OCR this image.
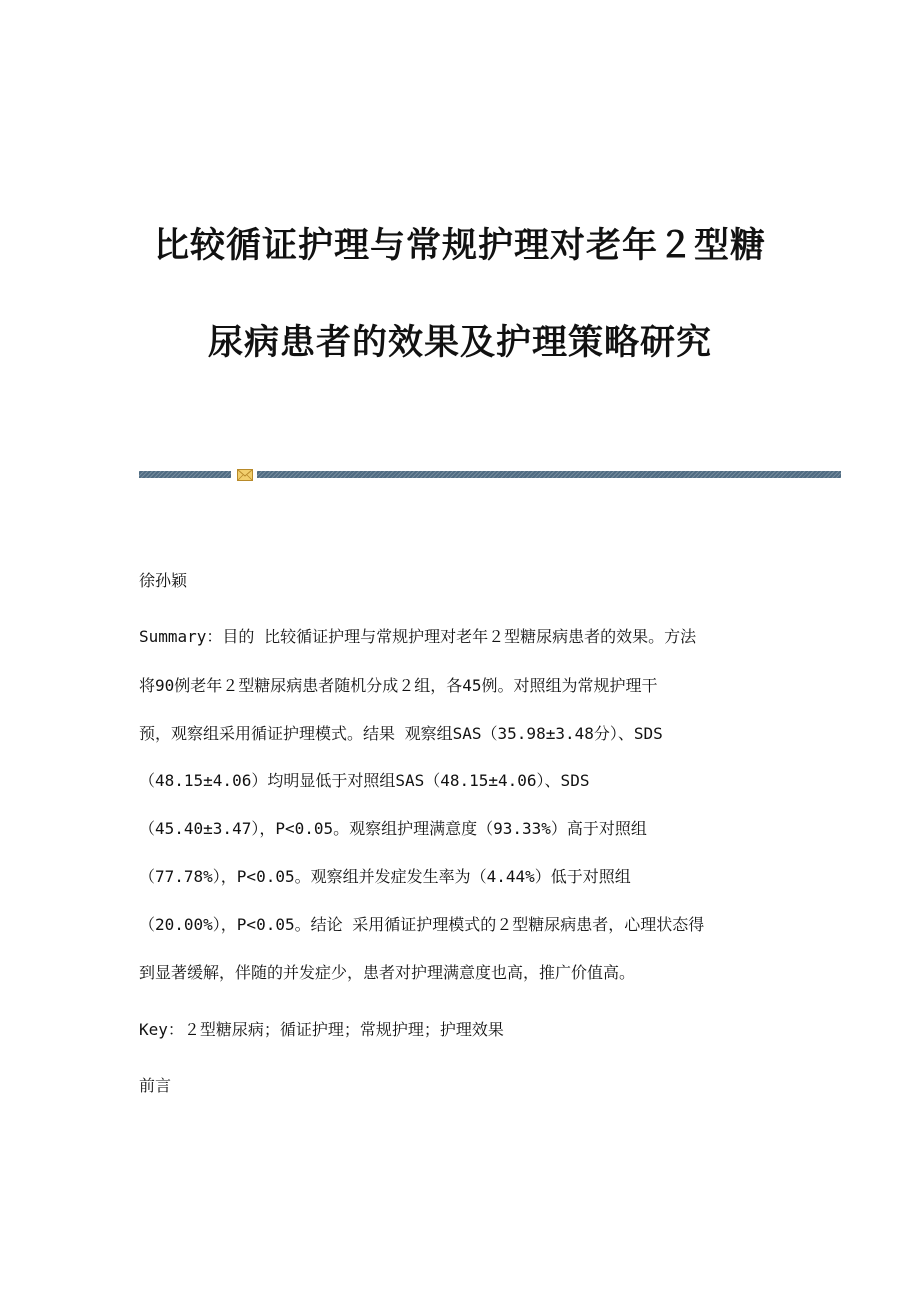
比较循证护理与常规护理对老年２型糖
尿病患者的效果及护理策略研究
徐孙颖
Summary：目的 比较循证护理与常规护理对老年２型糖尿病患者的效果。方法
将90例老年２型糖尿病患者随机分成２组，各45例。对照组为常规护理干
预，观察组采用循证护理模式。结果 观察组SAS（35.98±3.48分）、SDS
（48.15±4.06）均明显低于对照组SAS（48.15±4.06）、SDS
（45.40±3.47），P<0.05。观察组护理满意度（93.33%）高于对照组
（77.78%），P<0.05。观察组并发症发生率为（4.44%）低于对照组
（20.00%），P<0.05。结论 采用循证护理模式的２型糖尿病患者，心理状态得
到显著缓解，伴随的并发症少，患者对护理满意度也高，推广价值高。
Key：２型糖尿病；循证护理；常规护理；护理效果
前言
